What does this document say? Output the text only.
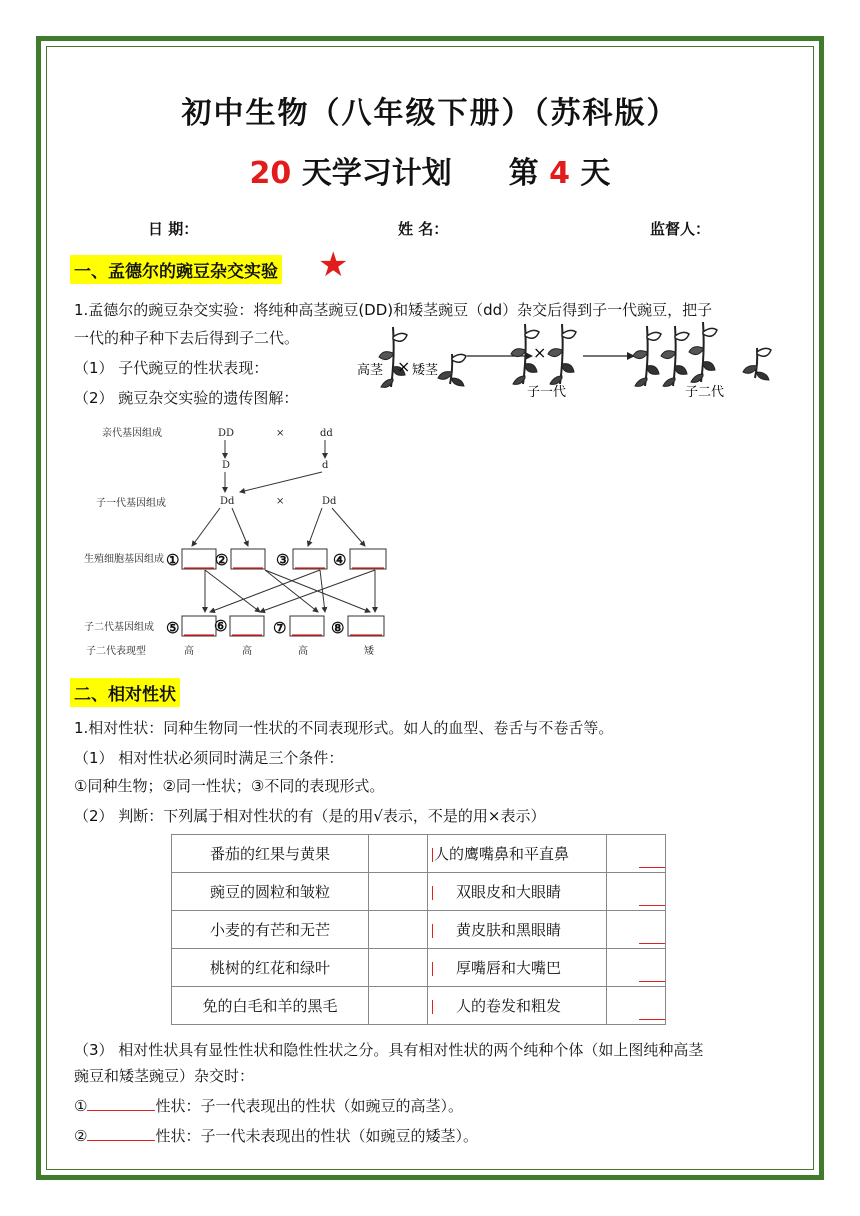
初中生物（八年级下册）（苏科版）
20 天学习计划 第 4 天
日 期：	姓 名：	监督人：
一、孟德尔的豌豆杂交实验 ★
1.孟德尔的豌豆杂交实验：将纯种高茎豌豆(DD)和矮茎豌豆（dd）杂交后得到子一代豌豆，把子
一代的种子种下去后得到子二代。
（1） 子代豌豆的性状表现：
（2） 豌豆杂交实验的遗传图解：
高茎 × 矮茎
×
子一代	子二代
亲代基因组成	DD	×	dd
D	d
子一代基因组成	Dd	×	Dd
生殖细胞基因组成
子二代基因组成
子二代表现型	高	高	高	矮
① ②	③	④
⑤ ⑥	⑦	⑧
二、相对性状
1.相对性状：同种生物同一性状的不同表现形式。如人的血型、卷舌与不卷舌等。
（1） 相对性状必须同时满足三个条件：
①同种生物；②同一性状；③不同的表现形式。
（2） 判断：下列属于相对性状的有（是的用√表示，不是的用×表示）
番茄的红果与黄果		人的鹰嘴鼻和平直鼻	
豌豆的圆粒和皱粒		双眼皮和大眼睛	
小麦的有芒和无芒		黄皮肤和黑眼睛	
桃树的红花和绿叶		厚嘴唇和大嘴巴	
免的白毛和羊的黑毛		人的卷发和粗发	
（3） 相对性状具有显性性状和隐性性状之分。具有相对性状的两个纯种个体（如上图纯种高茎
豌豆和矮茎豌豆）杂交时：
①	性状：子一代表现出的性状（如豌豆的高茎）。
②	性状：子一代未表现出的性状（如豌豆的矮茎）。
